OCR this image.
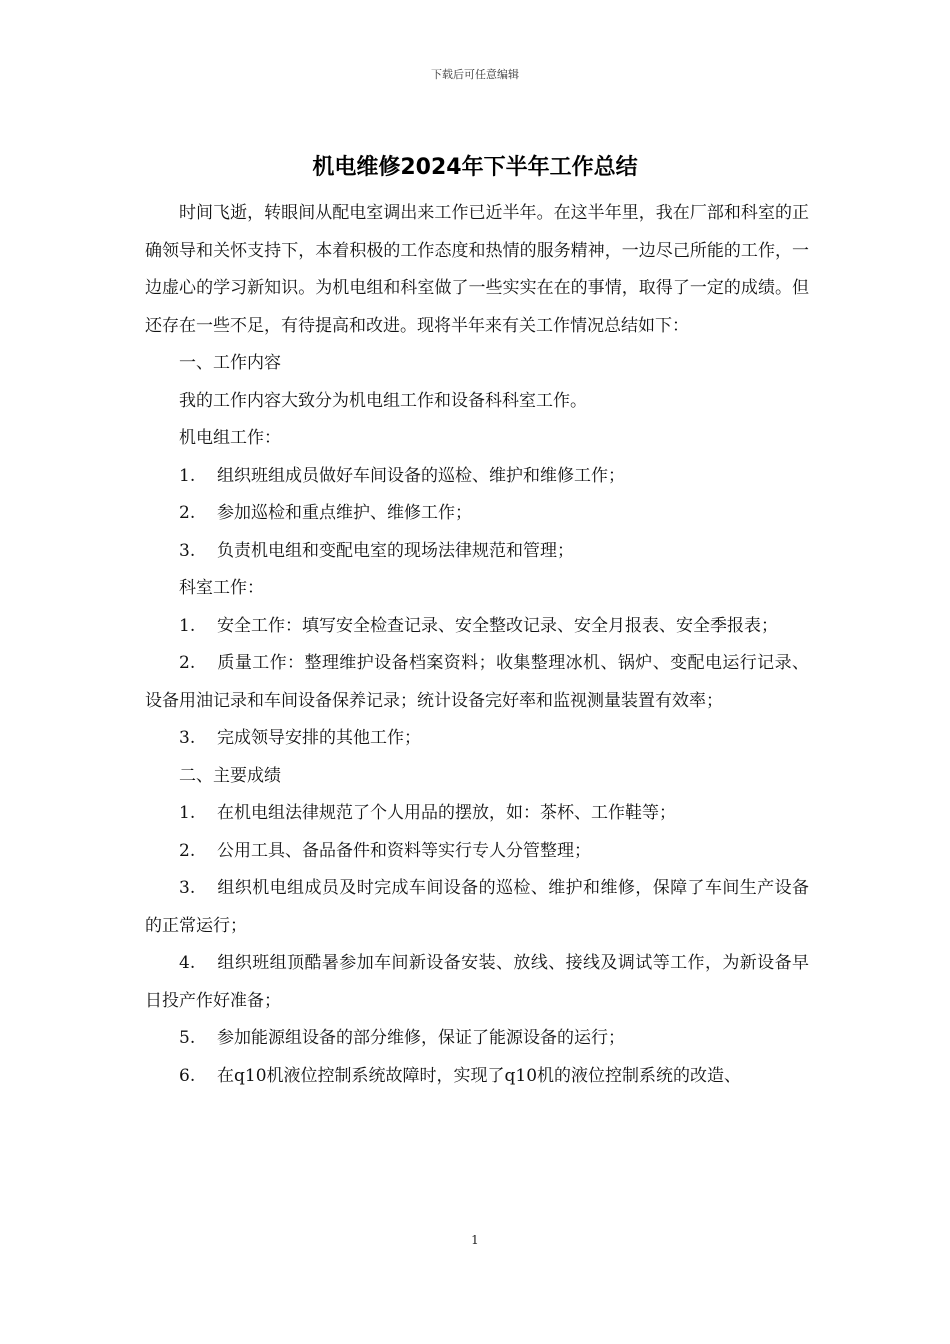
下载后可任意编辑
机电维修2024年下半年工作总结

时间飞逝，转眼间从配电室调出来工作已近半年。在这半年里，我在厂部和科室的正确领导和关怀支持下，本着积极的工作态度和热情的服务精神，一边尽己所能的工作，一边虚心的学习新知识。为机电组和科室做了一些实实在在的事情，取得了一定的成绩。但还存在一些不足，有待提高和改进。现将半年来有关工作情况总结如下：

一、工作内容

我的工作内容大致分为机电组工作和设备科科室工作。

机电组工作：

1. 组织班组成员做好车间设备的巡检、维护和维修工作；

2. 参加巡检和重点维护、维修工作；

3. 负责机电组和变配电室的现场法律规范和管理；

科室工作：

1. 安全工作：填写安全检查记录、安全整改记录、安全月报表、安全季报表；

2. 质量工作：整理维护设备档案资料；收集整理冰机、锅炉、变配电运行记录、设备用油记录和车间设备保养记录；统计设备完好率和监视测量装置有效率；

3. 完成领导安排的其他工作；

二、主要成绩

1. 在机电组法律规范了个人用品的摆放，如：茶杯、工作鞋等；

2. 公用工具、备品备件和资料等实行专人分管整理；

3. 组织机电组成员及时完成车间设备的巡检、维护和维修，保障了车间生产设备的正常运行；

4. 组织班组顶酷暑参加车间新设备安装、放线、接线及调试等工作，为新设备早日投产作好准备；

5. 参加能源组设备的部分维修，保证了能源设备的运行；

6. 在q10机液位控制系统故障时，实现了q10机的液位控制系统的改造、

1
